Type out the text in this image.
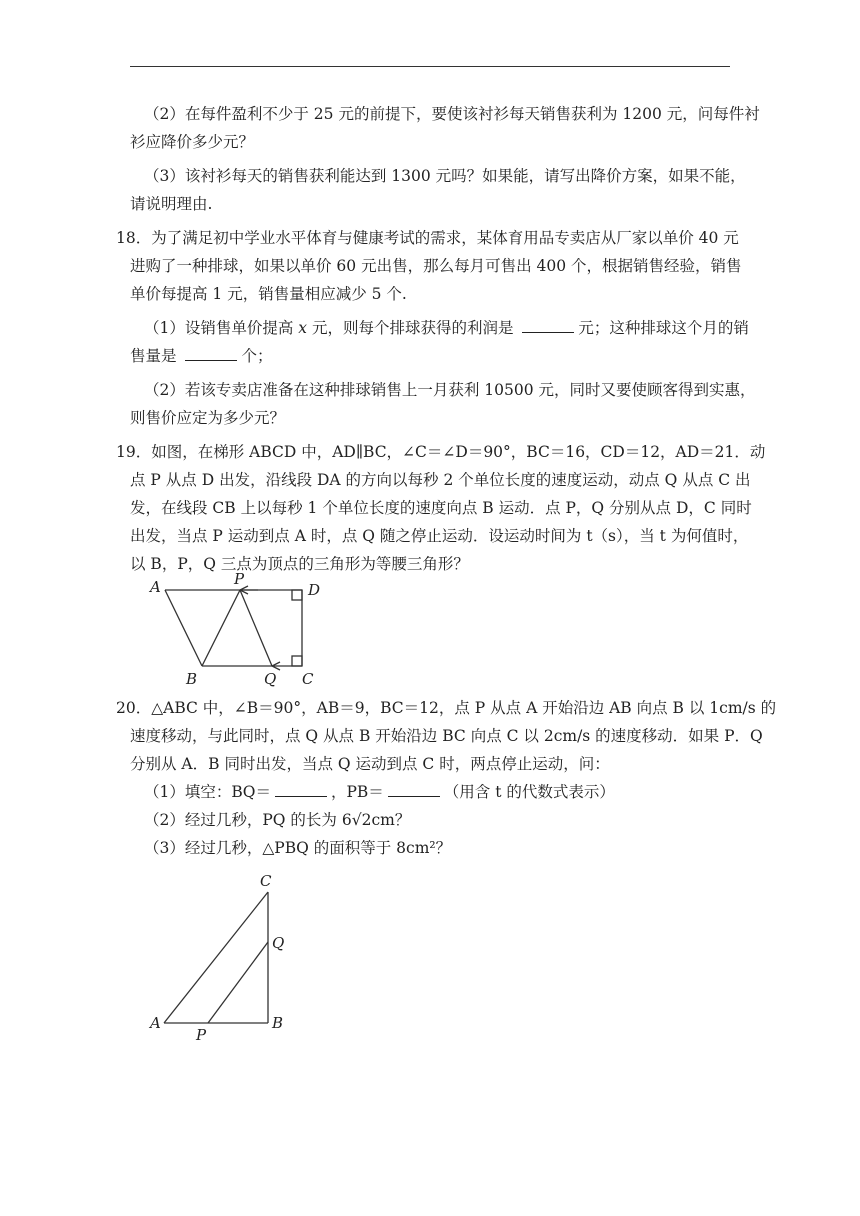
（2）在每件盈利不少于 25 元的前提下，要使该衬衫每天销售获利为 1200 元，问每件衬
衫应降价多少元？
（3）该衬衫每天的销售获利能达到 1300 元吗？如果能，请写出降价方案，如果不能，
请说明理由.
18．为了满足初中学业水平体育与健康考试的需求，某体育用品专卖店从厂家以单价 40 元
进购了一种排球，如果以单价 60 元出售，那么每月可售出 400 个，根据销售经验，销售
单价每提高 1 元，销售量相应减少 5 个.
（1）设销售单价提高 x 元，则每个排球获得的利润是	元；这种排球这个月的销
售量是	个；
（2）若该专卖店准备在这种排球销售上一月获利 10500 元，同时又要使顾客得到实惠，
则售价应定为多少元？
19．如图，在梯形 ABCD 中，AD∥BC，∠C＝∠D＝90°，BC＝16，CD＝12，AD＝21．动
点 P 从点 D 出发，沿线段 DA 的方向以每秒 2 个单位长度的速度运动，动点 Q 从点 C 出
发，在线段 CB 上以每秒 1 个单位长度的速度向点 B 运动．点 P，Q 分别从点 D，C 同时
出发，当点 P 运动到点 A 时，点 Q 随之停止运动．设运动时间为 t（s），当 t 为何值时，
以 B，P，Q 三点为顶点的三角形为等腰三角形？
A	P
D
B	Q C
20．△ABC 中，∠B＝90°，AB＝9，BC＝12，点 P 从点 A 开始沿边 AB 向点 B 以 1cm/s 的
速度移动，与此同时，点 Q 从点 B 开始沿边 BC 向点 C 以 2cm/s 的速度移动．如果 P．Q
分别从 A．B 同时出发，当点 Q 运动到点 C 时，两点停止运动，问：
（1）填空：BQ＝	，PB＝	（用含 t 的代数式表示）
（2）经过几秒，PQ 的长为 6√2cm？
（3）经过几秒，△PBQ 的面积等于 8cm²？
C
Q
A
P
B
